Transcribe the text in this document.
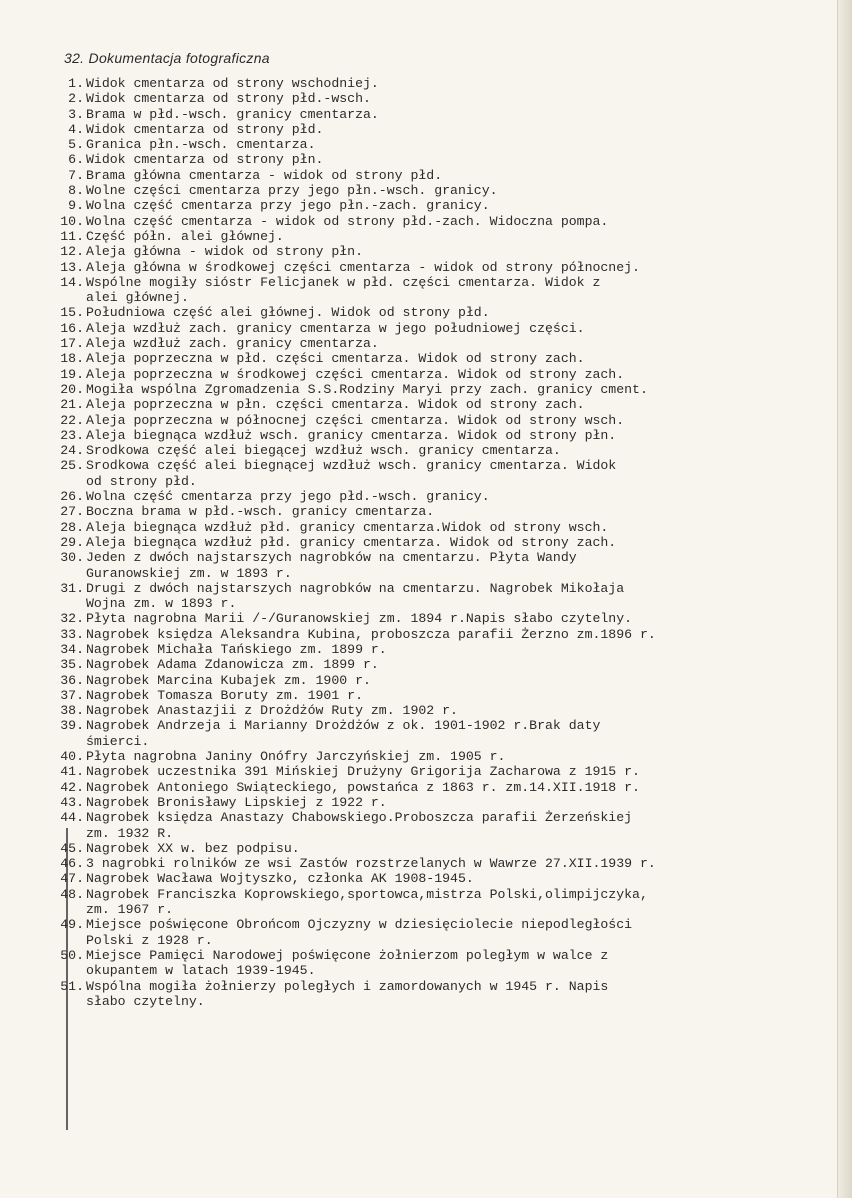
32. Dokumentacja fotograficzna
1. Widok cmentarza od strony wschodniej.
2. Widok cmentarza od strony płd.-wsch.
3. Brama w płd.-wsch. granicy cmentarza.
4. Widok cmentarza od strony płd.
5. Granica płn.-wsch. cmentarza.
6. Widok cmentarza od strony płn.
7. Brama główna cmentarza - widok od strony płd.
8. Wolne części cmentarza przy jego płn.-wsch. granicy.
9. Wolna część cmentarza przy jego płn.-zach. granicy.
10. Wolna część cmentarza - widok od strony płd.-zach. Widoczna pompa.
11. Część półn. alei głównej.
12. Aleja główna - widok od strony płn.
13. Aleja główna w środkowej części cmentarza - widok od strony północnej.
14. Wspólne mogiły sióstr Felicjanek w płd. części cmentarza. Widok z
alei głównej.
15. Południowa część alei głównej. Widok od strony płd.
16. Aleja wzdłuż zach. granicy cmentarza w jego południowej części.
17. Aleja wzdłuż zach. granicy cmentarza.
18. Aleja poprzeczna w płd. części cmentarza. Widok od strony zach.
19. Aleja poprzeczna w środkowej części cmentarza. Widok od strony zach.
20. Mogiła wspólna Zgromadzenia S.S.Rodziny Maryi przy zach. granicy cment.
21. Aleja poprzeczna w płn. części cmentarza. Widok od strony zach.
22. Aleja poprzeczna w północnej części cmentarza. Widok od strony wsch.
23. Aleja biegnąca wzdłuż wsch. granicy cmentarza. Widok od strony płn.
24. Srodkowa część alei biegącej wzdłuż wsch. granicy cmentarza.
25. Srodkowa część alei biegnącej wzdłuż wsch. granicy cmentarza. Widok
od strony płd.
26. Wolna część cmentarza przy jego płd.-wsch. granicy.
27. Boczna brama w płd.-wsch. granicy cmentarza.
28. Aleja biegnąca wzdłuż płd. granicy cmentarza.Widok od strony wsch.
29. Aleja biegnąca wzdłuż płd. granicy cmentarza. Widok od strony zach.
30. Jeden z dwóch najstarszych nagrobków na cmentarzu. Płyta Wandy
Guranowskiej zm. w 1893 r.
31. Drugi z dwóch najstarszych nagrobków na cmentarzu. Nagrobek Mikołaja
Wojna zm. w 1893 r.
32. Płyta nagrobna Marii /-/Guranowskiej zm. 1894 r.Napis słabo czytelny.
33. Nagrobek księdza Aleksandra Kubina, proboszcza parafii Żerzno zm.1896 r.
34. Nagrobek Michała Tańskiego zm. 1899 r.
35. Nagrobek Adama Zdanowicza zm. 1899 r.
36. Nagrobek Marcina Kubajek zm. 1900 r.
37. Nagrobek Tomasza Boruty zm. 1901 r.
38. Nagrobek Anastazjii z Drożdżów Ruty zm. 1902 r.
39. Nagrobek Andrzeja i Marianny Drożdżów z ok. 1901-1902 r.Brak daty
śmierci.
40. Płyta nagrobna Janiny Onófry Jarczyńskiej zm. 1905 r.
41. Nagrobek uczestnika 391 Mińskiej Drużyny Grigorija Zacharowa z 1915 r.
42. Nagrobek Antoniego Swiąteckiego, powstańca z 1863 r. zm.14.XII.1918 r.
43. Nagrobek Bronisławy Lipskiej z 1922 r.
44. Nagrobek księdza Anastazy Chabowskiego.Proboszcza parafii Żerzeńskiej
zm. 1932 R.
45. Nagrobek XX w. bez podpisu.
46. 3 nagrobki rolników ze wsi Zastów rozstrzelanych w Wawrze 27.XII.1939 r.
47. Nagrobek Wacława Wojtyszko, członka AK 1908-1945.
48. Nagrobek Franciszka Koprowskiego,sportowca,mistrza Polski,olimpijczyka,
zm. 1967 r.
49. Miejsce poświęcone Obrońcom Ojczyzny w dziesięciolecie niepodległości
Polski z 1928 r.
50. Miejsce Pamięci Narodowej poświęcone żołnierzom poległym w walce z
okupantem w latach 1939-1945.
51. Wspólna mogiła żołnierzy poległych i zamordowanych w 1945 r. Napis
słabo czytelny.
